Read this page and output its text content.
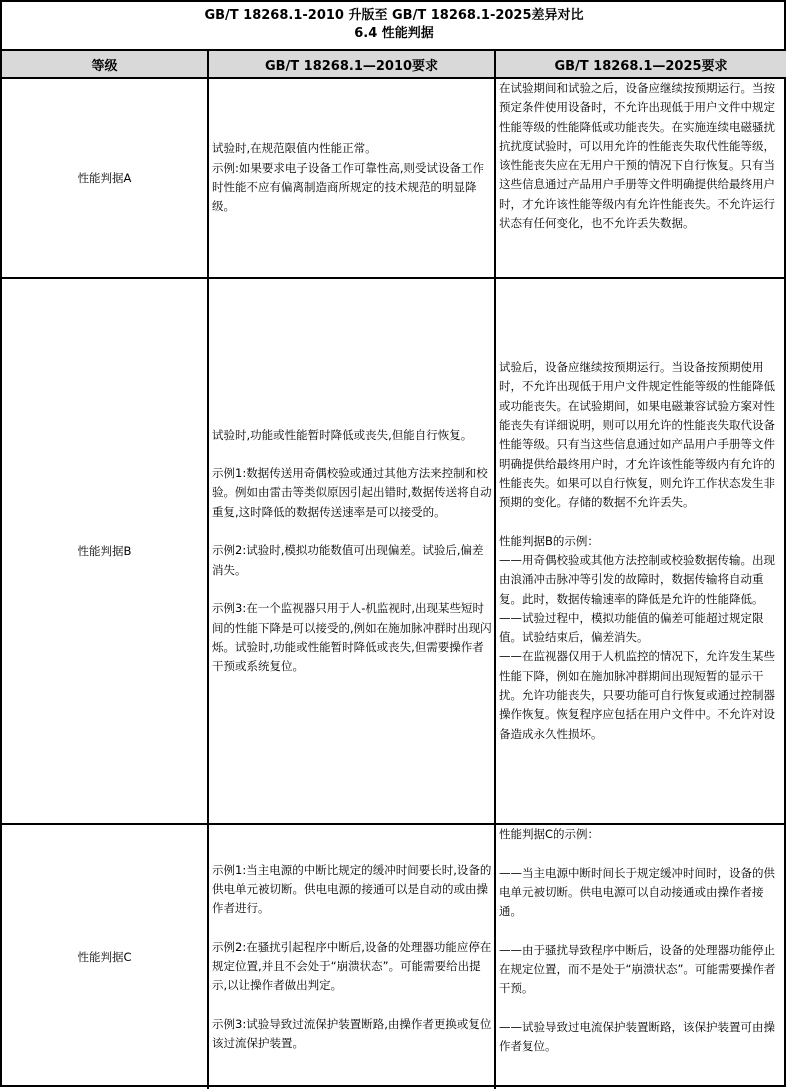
GB/T 18268.1-2010 升版至 GB/T 18268.1-2025差异对比
6.4 性能判据
等级	GB/T 18268.1—2010要求	GB/T 18268.1—2025要求
性能判据A

试验时,在规范限值内性能正常。

示例:如果要求电子设备工作可靠性高,则受试设备工作时性能不应有偏离制造商所规定的技术规范的明显降级。

在试验期间和试验之后，设备应继续按预期运行。当按预定条件使用设备时，不允许出现低于用户文件中规定性能等级的性能降低或功能丧失。在实施连续电磁骚扰抗扰度试验时，可以用允许的性能丧失取代性能等级，该性能丧失应在无用户干预的情况下自行恢复。只有当这些信息通过产品用户手册等文件明确提供给最终用户时，才允许该性能等级内有允许性能丧失。不允许运行状态有任何变化，也不允许丢失数据。

性能判据B

试验时,功能或性能暂时降低或丧失,但能自行恢复。

示例1:数据传送用奇偶校验或通过其他方法来控制和校验。例如由雷击等类似原因引起出错时,数据传送将自动重复,这时降低的数据传送速率是可以接受的。

示例2:试验时,模拟功能数值可出现偏差。试验后,偏差消失。

示例3:在一个监视器只用于人-机监视时,出现某些短时间的性能下降是可以接受的,例如在施加脉冲群时出现闪烁。试验时,功能或性能暂时降低或丧失,但需要操作者干预或系统复位。

试验后，设备应继续按预期运行。当设备按预期使用时，不允许出现低于用户文件规定性能等级的性能降低或功能丧失。在试验期间，如果电磁兼容试验方案对性能丧失有详细说明，则可以用允许的性能丧失取代设备性能等级。只有当这些信息通过如产品用户手册等文件明确提供给最终用户时，才允许该性能等级内有允许的性能丧失。如果可以自行恢复，则允许工作状态发生非预期的变化。存储的数据不允许丢失。

性能判据B的示例：

——用奇偶校验或其他方法控制或校验数据传输。出现由浪涌冲击脉冲等引发的故障时，数据传输将自动重复。此时，数据传输速率的降低是允许的性能降低。

——试验过程中，模拟功能值的偏差可能超过规定限值。试验结束后，偏差消失。

——在监视器仅用于人机监控的情况下，允许发生某些性能下降，例如在施加脉冲群期间出现短暂的显示干扰。允许功能丧失，只要功能可自行恢复或通过控制器操作恢复。恢复程序应包括在用户文件中。不允许对设备造成永久性损坏。

性能判据C

示例1:当主电源的中断比规定的缓冲时间要长时,设备的供电单元被切断。供电电源的接通可以是自动的或由操作者进行。

示例2:在骚扰引起程序中断后,设备的处理器功能应停在规定位置,并且不会处于“崩溃状态”。可能需要给出提示,以让操作者做出判定。

示例3:试验导致过流保护装置断路,由操作者更换或复位该过流保护装置。

性能判据C的示例：

——当主电源中断时间长于规定缓冲时间时，设备的供电单元被切断。供电电源可以自动接通或由操作者接通。

——由于骚扰导致程序中断后，设备的处理器功能停止在规定位置，而不是处于“崩溃状态”。可能需要操作者干预。

——试验导致过电流保护装置断路，该保护装置可由操作者复位。
